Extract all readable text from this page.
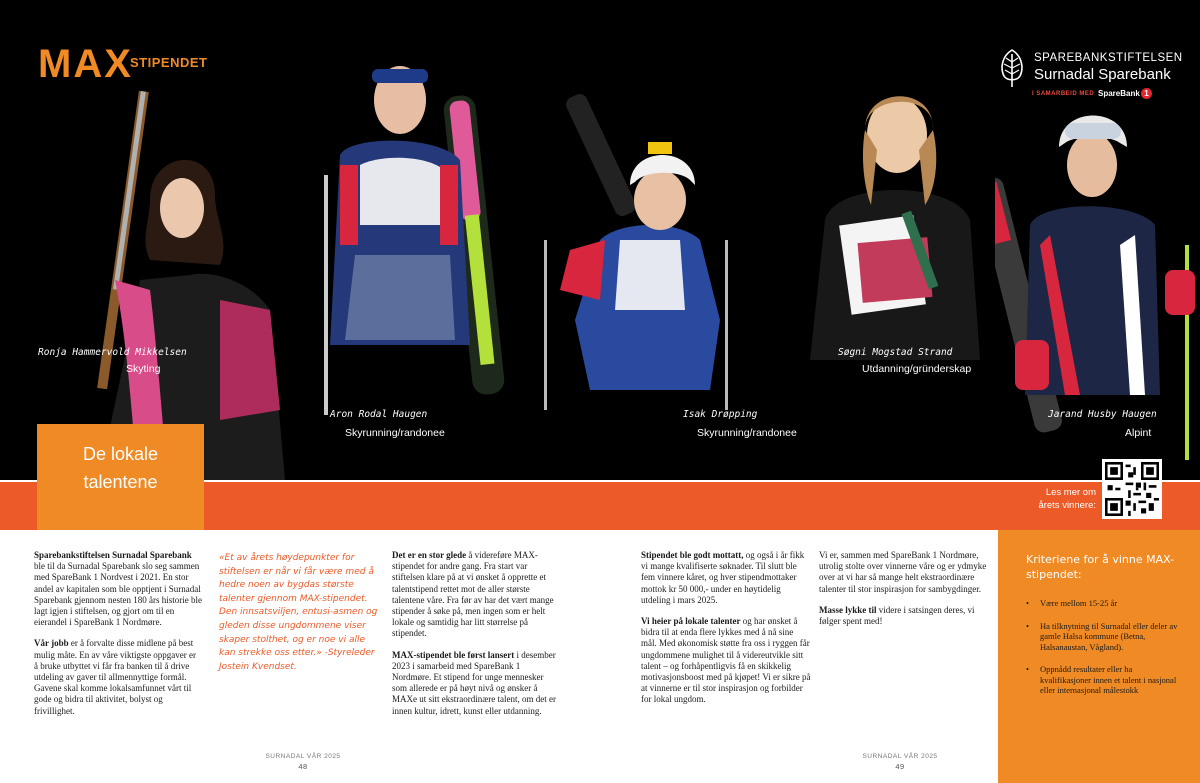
MAX
STIPENDET	SPAREBANKSTIFTELSEN
Surnadal Sparebank
I SAMARBEID MED SpareBank 1
Ronja Hammervold Mikkelsen
Skyting
Aron Rodal Haugen
Skyrunning/randonee
Isak Drøpping
Skyrunning/randonee
Søgni Mogstad Strand
Utdanning/gründerskap
Jarand Husby Haugen
Alpint
De lokale
talentene
Les mer om
årets vinnere:

Sparebankstiftelsen Surnadal Sparebank ble til da Surnadal Sparebank slo seg sammen med SpareBank 1 Nordvest i 2021. En stor andel av kapitalen som ble opptjent i Surnadal Sparebank gjennom nesten 180 års historie ble lagt igjen i stiftelsen, og gjort om til en eierandel i SpareBank 1 Nordmøre.

Vår jobb er å forvalte disse midlene på best mulig måte. En av våre viktigste oppgaver er å bruke utbyttet vi får fra banken til å drive utdeling av gaver til allmennyttige formål. Gavene skal komme lokalsamfunnet vårt til gode og bidra til aktivitet, bolyst og frivillighet.

«Et av årets høydepunkter for stiftelsen er når vi får være med å hedre noen av bygdas største talenter gjennom MAX-stipendet. Den innsatsviljen, entusi-asmen og gleden disse ungdommene viser skaper stolthet, og er noe vi alle kan strekke oss etter.» -Styreleder Jostein Kvendset.

Det er en stor glede å videreføre MAX-stipendet for andre gang. Fra start var stiftelsen klare på at vi ønsket å opprette et talentstipend rettet mot de aller største talentene våre. Fra før av har det vært mange stipender å søke på, men ingen som er helt lokale og samtidig har litt størrelse på stipendet.

MAX-stipendet ble først lansert i desember 2023 i samarbeid med SpareBank 1 Nordmøre. Et stipend for unge mennesker som allerede er på høyt nivå og ønsker å MAXe ut sitt ekstraordinære talent, om det er innen kultur, idrett, kunst eller utdanning.

Stipendet ble godt mottatt, og også i år fikk vi mange kvalifiserte søknader. Til slutt ble fem vinnere kåret, og hver stipendmottaker mottok kr 50 000,- under en høytidelig utdeling i mars 2025.

Vi heier på lokale talenter og har ønsket å bidra til at enda flere lykkes med å nå sine mål. Med økonomisk støtte fra oss i ryggen får ungdommene mulighet til å videreutvikle sitt talent – og forhåpentligvis få en skikkelig motivasjonsboost med på kjøpet! Vi er sikre på at vinnerne er til stor inspirasjon og forbilder for lokal ungdom.

Vi er, sammen med SpareBank 1 Nordmøre, utrolig stolte over vinnerne våre og er ydmyke over at vi har så mange helt ekstraordinære talenter til stor inspirasjon for sambygdinger.

Masse lykke til videre i satsingen deres, vi følger spent med!

Kriteriene for å vinne MAX-stipendet:
• Være mellom 15-25 år
• Ha tilknytning til Surnadal eller deler av gamle Halsa kommune (Betna, Halsanaustan, Vågland).
• Oppnådd resultater eller ha kvalifikasjoner innen et talent i nasjonal eller internasjonal målestokk
SURNADAL VÅR 2025
48
SURNADAL VÅR 2025
49
